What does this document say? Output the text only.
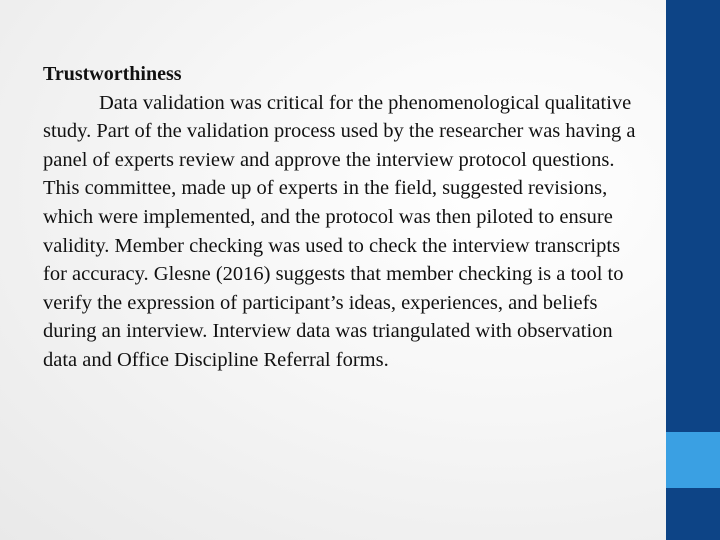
Trustworthiness

Data validation was critical for the phenomenological qualitative study. Part of the validation process used by the researcher was having a panel of experts review and approve the interview protocol questions. This committee, made up of experts in the field, suggested revisions, which were implemented, and the protocol was then piloted to ensure validity. Member checking was used to check the interview transcripts for accuracy. Glesne (2016) suggests that member checking is a tool to verify the expression of participant’s ideas, experiences, and beliefs during an interview. Interview data was triangulated with observation data and Office Discipline Referral forms.
